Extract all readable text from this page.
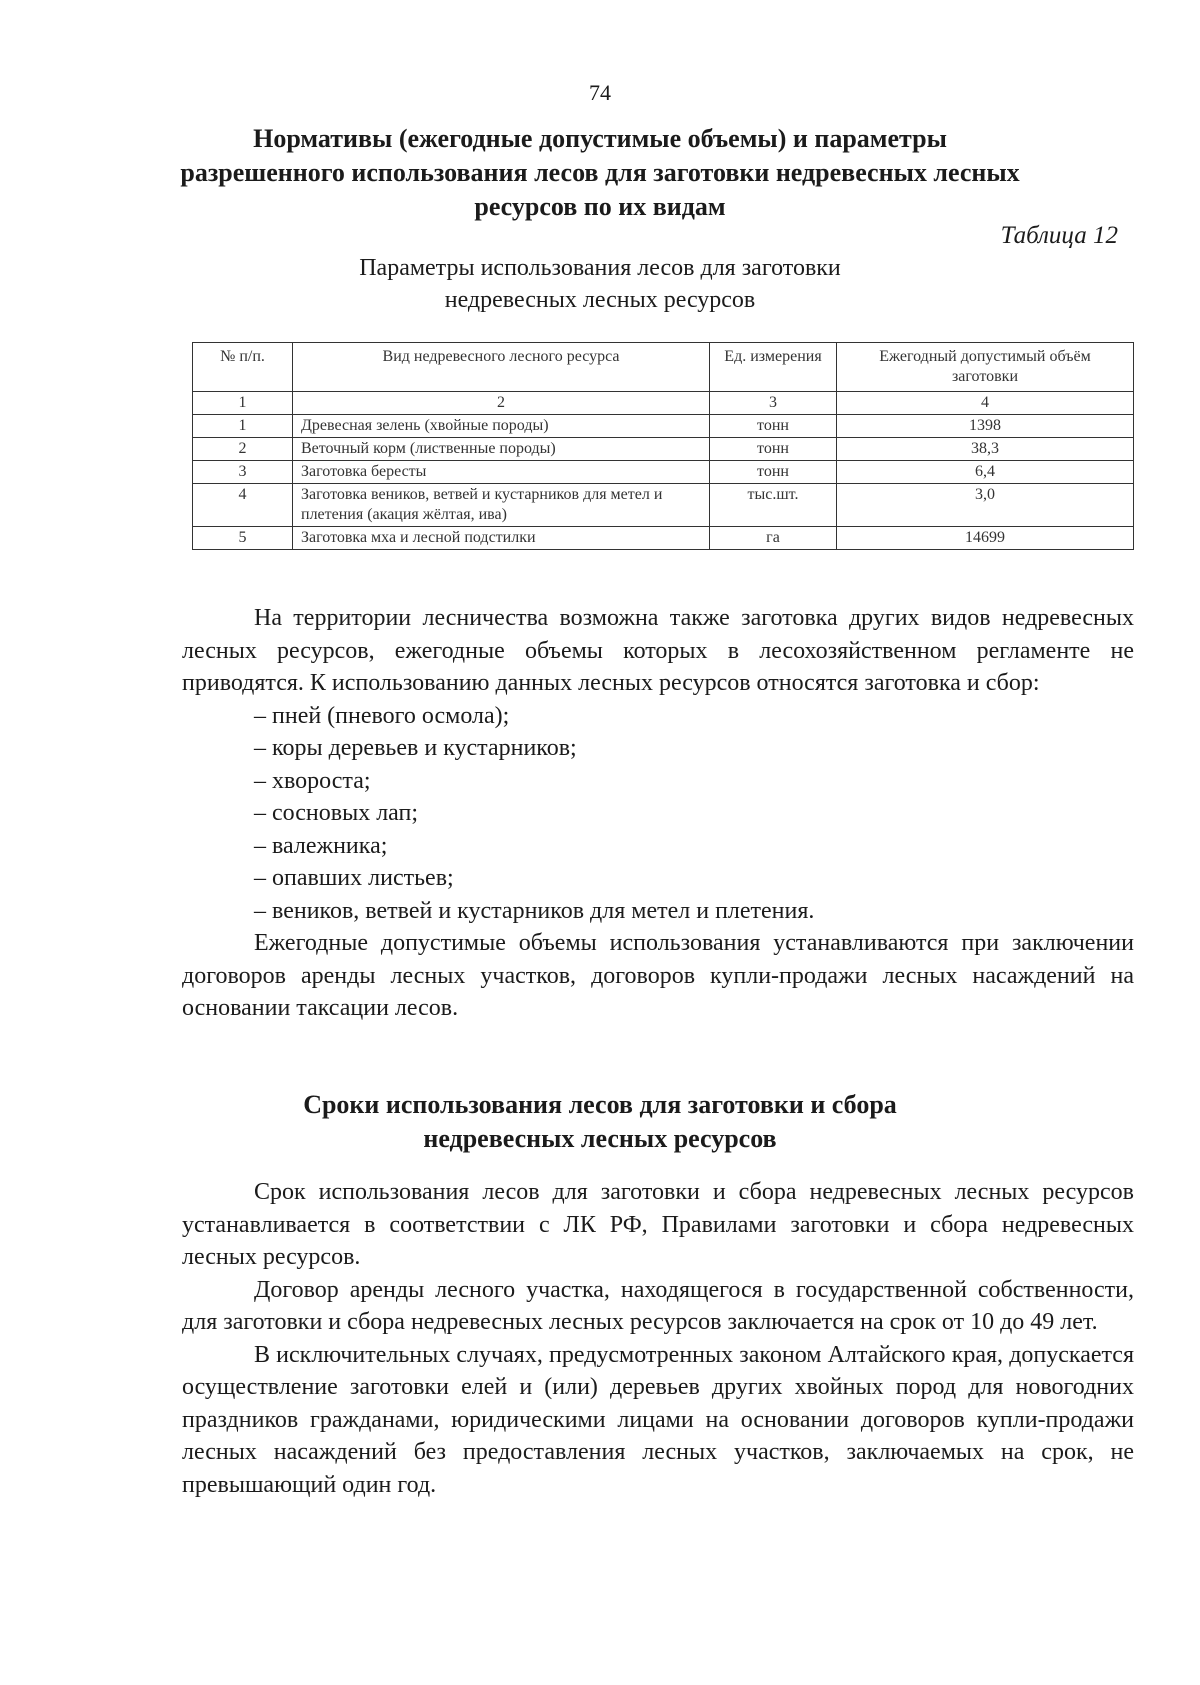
74
Нормативы (ежегодные допустимые объемы) и параметры
разрешенного использования лесов для заготовки недревесных лесных
ресурсов по их видам
Таблица 12
Параметры использования лесов для заготовки
недревесных лесных ресурсов
№ п/п.	Вид недревесного лесного ресурса	Ед. измерения	Ежегодный допустимый объём заготовки
1	2	3	4
1	Древесная зелень (хвойные породы)	тонн	1398
2	Веточный корм (лиственные породы)	тонн	38,3
3	Заготовка бересты	тонн	6,4
4	Заготовка веников, ветвей и кустарников для метел и плетения (акация жёлтая, ива)	тыс.шт.	3,0
5	Заготовка мха и лесной подстилки	га	14699

На территории лесничества возможна также заготовка других видов недревесных лесных ресурсов, ежегодные объемы которых в лесохозяйственном регламенте не приводятся. К использованию данных лесных ресурсов относятся заготовка и сбор:

– пней (пневого осмола);
– коры деревьев и кустарников;
– хвороста;
– сосновых лап;
– валежника;
– опавших листьев;
– веников, ветвей и кустарников для метел и плетения.

Ежегодные допустимые объемы использования устанавливаются при заключении договоров аренды лесных участков, договоров купли-продажи лесных насаждений на основании таксации лесов.

Сроки использования лесов для заготовки и сбора
недревесных лесных ресурсов

Срок использования лесов для заготовки и сбора недревесных лесных ресурсов устанавливается в соответствии с ЛК РФ, Правилами заготовки и сбора недревесных лесных ресурсов.

Договор аренды лесного участка, находящегося в государственной собственности, для заготовки и сбора недревесных лесных ресурсов заключается на срок от 10 до 49 лет.

В исключительных случаях, предусмотренных законом Алтайского края, допускается осуществление заготовки елей и (или) деревьев других хвойных пород для новогодних праздников гражданами, юридическими лицами на основании договоров купли-продажи лесных насаждений без предоставления лесных участков, заключаемых на срок, не превышающий один год.
